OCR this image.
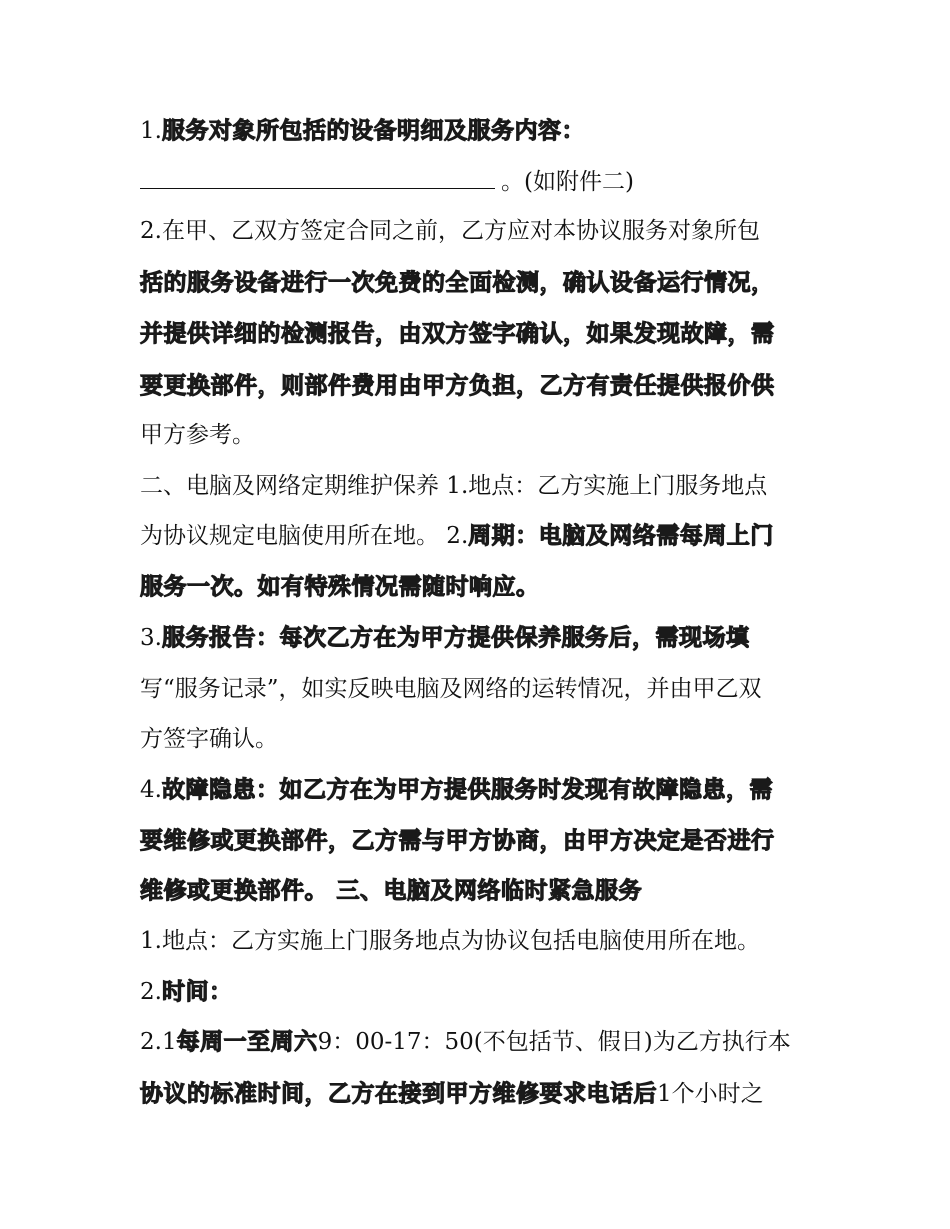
1.服务对象所包括的设备明细及服务内容：
。(如附件二)
2.在甲、乙双方签定合同之前，乙方应对本协议服务对象所包
括的服务设备进行一次免费的全面检测，确认设备运行情况，
并提供详细的检测报告，由双方签字确认，如果发现故障，需
要更换部件，则部件费用由甲方负担，乙方有责任提供报价供
甲方参考。
二、电脑及网络定期维护保养 1.地点：乙方实施上门服务地点
为协议规定电脑使用所在地。 2.周期：电脑及网络需每周上门
服务一次。如有特殊情况需随时响应。
3.服务报告：每次乙方在为甲方提供保养服务后，需现场填
写“服务记录”，如实反映电脑及网络的运转情况，并由甲乙双
方签字确认。
4.故障隐患：如乙方在为甲方提供服务时发现有故障隐患，需
要维修或更换部件，乙方需与甲方协商，由甲方决定是否进行
维修或更换部件。 三、电脑及网络临时紧急服务
1.地点：乙方实施上门服务地点为协议包括电脑使用所在地。
2.时间：
2.1每周一至周六9：00-17：50(不包括节、假日)为乙方执行本
协议的标准时间，乙方在接到甲方维修要求电话后1个小时之
